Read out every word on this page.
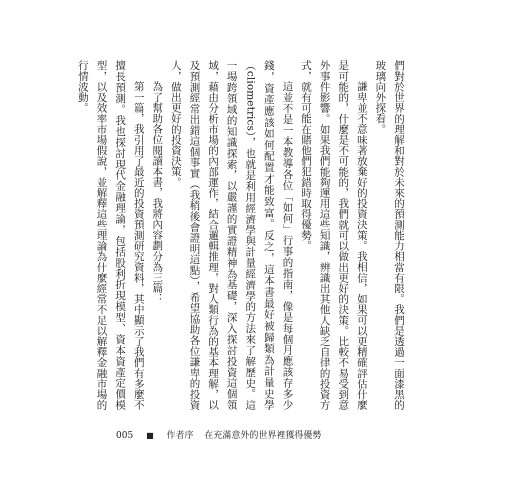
們對於世界的理解和對於未來的預測能力相當有限。我們是透過一面漆黑的玻璃向外探看。

謙卑並不意味著放棄好的投資決策。我相信，如果可以更精確評估什麼是可能的，什麼是不可能的，我們就可以做出更好的決策。比較不易受到意外事件影響。如果我們能夠運用這些知識，辨識出其他人缺乏自律的投資方式，就有可能在賭他們犯錯時取得優勢。

這並不是一本教導各位「如何」行事的指南，像是每個月應該存多少錢，資產應該如何配置才能致富。反之，這本書最好被歸類為計量史學（cliometrics），也就是利用經濟學與計量經濟學的方法來了解歷史。這一場跨領域的知識探索，以嚴謹的實證精神為基礎，深入探討投資這個領域，藉由分析市場的內部運作，結合邏輯推理，對人類行為的基本理解，以及預測經常出錯這個事實（我稍後會證明這點），希望協助各位謙卑的投資人，做出更好的投資決策。

為了幫助各位閱讀本書，我將內容劃分為三篇：

第一篇，我引用了最近的投資預測研究資料，其中顯示了我們有多麼不擅長預測。我也探討現代金融理論，包括股利折現模型、資本資產定價模型，以及效率市場假說，並解釋這些理論為什麼經常不足以解釋金融市場的行情波動。

005 ■ 作者序 在充滿意外的世界裡獲得優勢
